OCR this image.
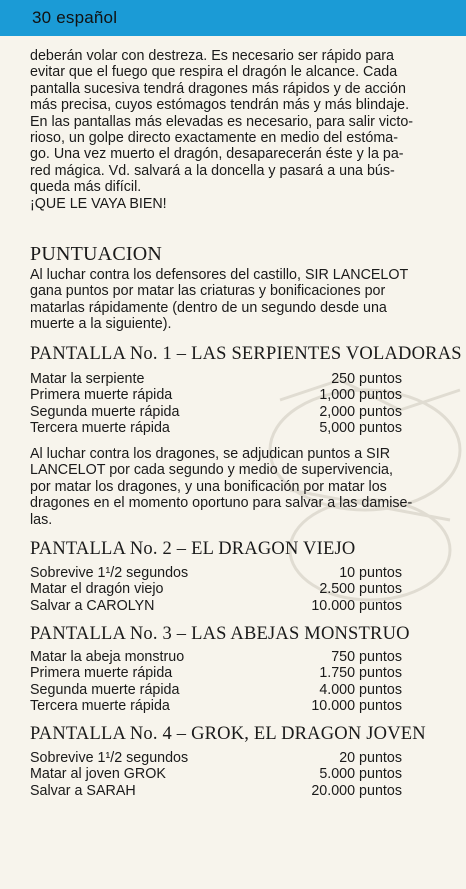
30 español
deberán volar con destreza. Es necesario ser rápido para
evitar que el fuego que respira el dragón le alcance. Cada
pantalla sucesiva tendrá dragones más rápidos y de acción
más precisa, cuyos estómagos tendrán más y más blindaje.
En las pantallas más elevadas es necesario, para salir victo-
rioso, un golpe directo exactamente en medio del estóma-
go. Una vez muerto el dragón, desaparecerán éste y la pa-
red mágica. Vd. salvará a la doncella y pasará a una bús-
queda más difícil.
¡QUE LE VAYA BIEN!
PUNTUACION
Al luchar contra los defensores del castillo, SIR LANCELOT
gana puntos por matar las criaturas y bonificaciones por
matarlas rápidamente (dentro de un segundo desde una
muerte a la siguiente).
PANTALLA No. 1 – LAS SERPIENTES VOLADORAS
Matar la serpiente	250 puntos
Primera muerte rápida	1,000 puntos
Segunda muerte rápida	2,000 puntos
Tercera muerte rápida	5,000 puntos
Al luchar contra los dragones, se adjudican puntos a SIR
LANCELOT por cada segundo y medio de supervivencia,
por matar los dragones, y una bonificación por matar los
dragones en el momento oportuno para salvar a las damise-
las.
PANTALLA No. 2 – EL DRAGON VIEJO
Sobrevive 1¹/2 segundos	10 puntos
Matar el dragón viejo	2.500 puntos
Salvar a CAROLYN	10.000 puntos
PANTALLA No. 3 – LAS ABEJAS MONSTRUO
Matar la abeja monstruo	750 puntos
Primera muerte rápida	1.750 puntos
Segunda muerte rápida	4.000 puntos
Tercera muerte rápida	10.000 puntos
PANTALLA No. 4 – GROK, EL DRAGON JOVEN
Sobrevive 1¹/2 segundos	20 puntos
Matar al joven GROK	5.000 puntos
Salvar a SARAH	20.000 puntos
